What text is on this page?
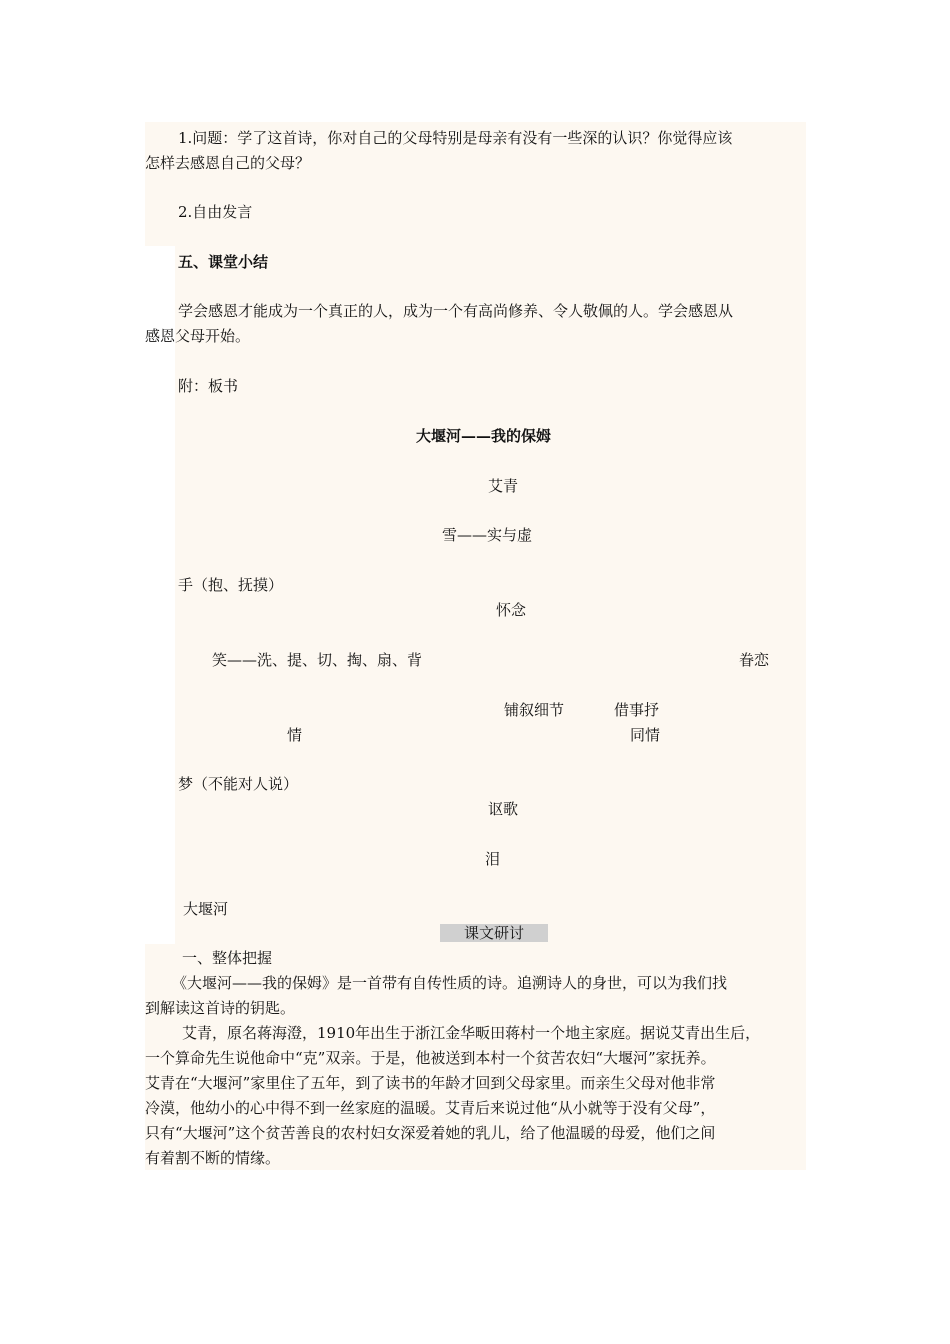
1.问题：学了这首诗，你对自己的父母特别是母亲有没有一些深的认识？你觉得应该
怎样去感恩自己的父母？
2.自由发言
五、课堂小结
学会感恩才能成为一个真正的人，成为一个有高尚修养、令人敬佩的人。学会感恩从
感恩父母开始。
附：板书
大堰河——我的保姆
艾青
雪——实与虚
手（抱、抚摸）
怀念
笑——洗、提、切、掏、扇、背	眷恋
铺叙细节	借事抒
情	同情
梦（不能对人说）
讴歌
泪
大堰河
课文研讨
一、整体把握
《大堰河——我的保姆》是一首带有自传性质的诗。追溯诗人的身世，可以为我们找
到解读这首诗的钥匙。
艾青，原名蒋海澄，1910年出生于浙江金华畈田蒋村一个地主家庭。据说艾青出生后，
一个算命先生说他命中“克”双亲。于是，他被送到本村一个贫苦农妇“大堰河”家抚养。
艾青在“大堰河”家里住了五年，到了读书的年龄才回到父母家里。而亲生父母对他非常
冷漠，他幼小的心中得不到一丝家庭的温暖。艾青后来说过他“从小就等于没有父母”，
只有“大堰河”这个贫苦善良的农村妇女深爱着她的乳儿，给了他温暖的母爱，他们之间
有着割不断的情缘。
